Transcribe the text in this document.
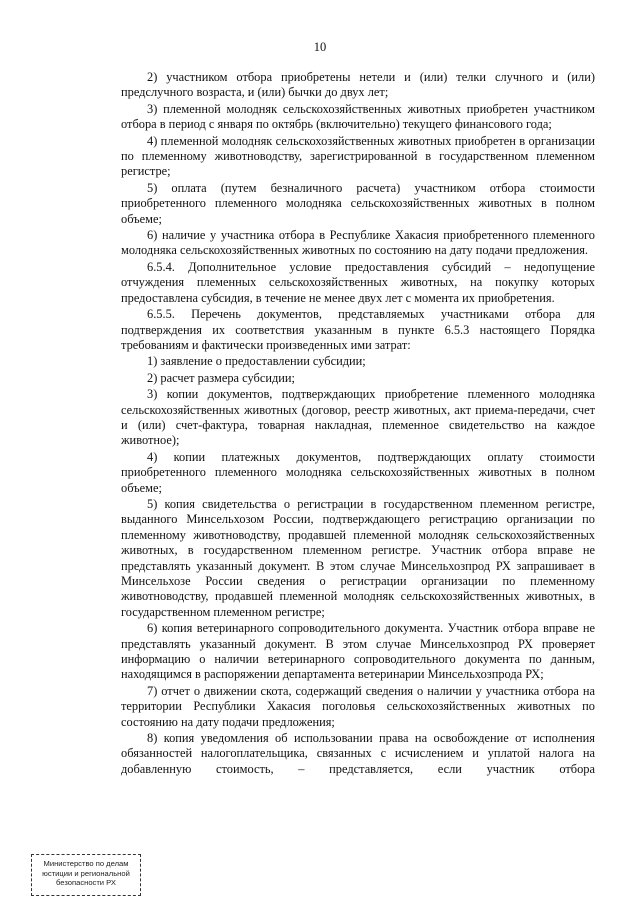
10

2) участником отбора приобретены нетели и (или) телки случного и (или) предслучного возраста, и (или) бычки до двух лет;

3) племенной молодняк сельскохозяйственных животных приобретен участником отбора в период с января по октябрь (включительно) текущего финансового года;

4) племенной молодняк сельскохозяйственных животных приобретен в организации по племенному животноводству, зарегистрированной в государственном племенном регистре;

5) оплата (путем безналичного расчета) участником отбора стоимости приобретенного племенного молодняка сельскохозяйственных животных в полном объеме;

6) наличие у участника отбора в Республике Хакасия приобретенного племенного молодняка сельскохозяйственных животных по состоянию на дату подачи предложения.

6.5.4. Дополнительное условие предоставления субсидий – недопущение отчуждения племенных сельскохозяйственных животных, на покупку которых предоставлена субсидия, в течение не менее двух лет с момента их приобретения.

6.5.5. Перечень документов, представляемых участниками отбора для подтверждения их соответствия указанным в пункте 6.5.3 настоящего Порядка требованиям и фактически произведенных ими затрат:

1) заявление о предоставлении субсидии;

2) расчет размера субсидии;

3) копии документов, подтверждающих приобретение племенного молодняка сельскохозяйственных животных (договор, реестр животных, акт приема-передачи, счет и (или) счет-фактура, товарная накладная, племенное свидетельство на каждое животное);

4) копии платежных документов, подтверждающих оплату стоимости приобретенного племенного молодняка сельскохозяйственных животных в полном объеме;

5) копия свидетельства о регистрации в государственном племенном регистре, выданного Минсельхозом России, подтверждающего регистрацию организации по племенному животноводству, продавшей племенной молодняк сельскохозяйственных животных, в государственном племенном регистре. Участник отбора вправе не представлять указанный документ. В этом случае Минсельхозпрод РХ запрашивает в Минсельхозе России сведения о регистрации организации по племенному животноводству, продавшей племенной молодняк сельскохозяйственных животных, в государственном племенном регистре;

6) копия ветеринарного сопроводительного документа. Участник отбора вправе не представлять указанный документ. В этом случае Минсельхозпрод РХ проверяет информацию о наличии ветеринарного сопроводительного документа по данным, находящимся в распоряжении департамента ветеринарии Минсельхозпрода РХ;

7) отчет о движении скота, содержащий сведения о наличии у участника отбора на территории Республики Хакасия поголовья сельскохозяйственных животных по состоянию на дату подачи предложения;

8) копия уведомления об использовании права на освобождение от исполнения обязанностей налогоплательщика, связанных с исчислением и уплатой налога на добавленную стоимость, – представляется, если участник отбора

Министерство по делам
юстиции и региональной
безопасности РХ
